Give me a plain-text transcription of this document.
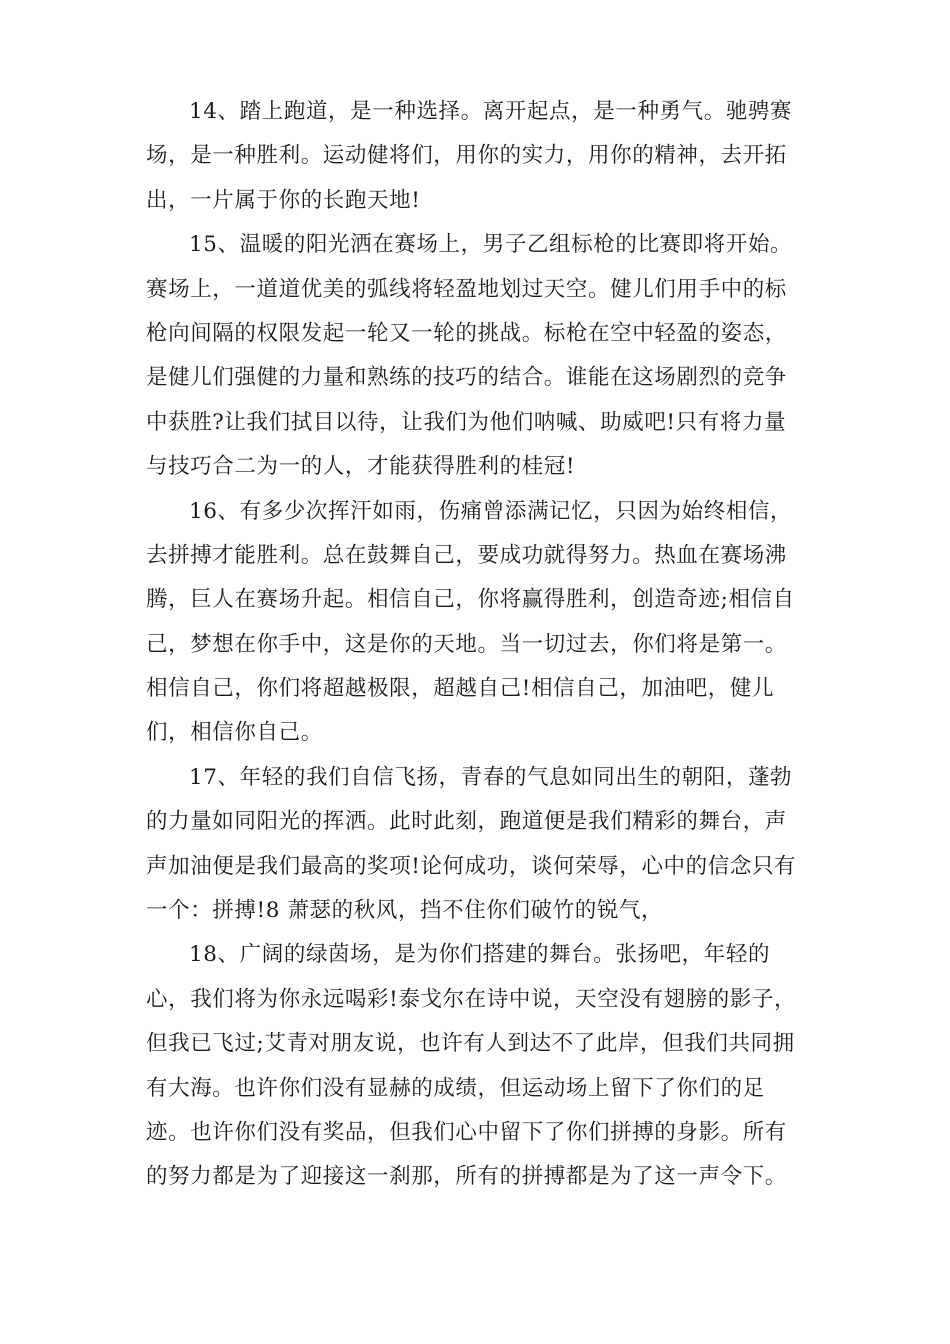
14、踏上跑道，是一种选择。离开起点，是一种勇气。驰骋赛
场，是一种胜利。运动健将们，用你的实力，用你的精神，去开拓
出，一片属于你的长跑天地!
15、温暖的阳光洒在赛场上，男子乙组标枪的比赛即将开始。
赛场上，一道道优美的弧线将轻盈地划过天空。健儿们用手中的标
枪向间隔的权限发起一轮又一轮的挑战。标枪在空中轻盈的姿态，
是健儿们强健的力量和熟练的技巧的结合。谁能在这场剧烈的竞争
中获胜?让我们拭目以待，让我们为他们呐喊、助威吧!只有将力量
与技巧合二为一的人，才能获得胜利的桂冠!
16、有多少次挥汗如雨，伤痛曾添满记忆，只因为始终相信，
去拼搏才能胜利。总在鼓舞自己，要成功就得努力。热血在赛场沸
腾，巨人在赛场升起。相信自己，你将赢得胜利，创造奇迹;相信自
己，梦想在你手中，这是你的天地。当一切过去，你们将是第一。
相信自己，你们将超越极限，超越自己!相信自己，加油吧，健儿
们，相信你自己。
17、年轻的我们自信飞扬，青春的气息如同出生的朝阳，蓬勃
的力量如同阳光的挥洒。此时此刻，跑道便是我们精彩的舞台，声
声加油便是我们最高的奖项!论何成功，谈何荣辱，心中的信念只有
一个：拼搏!8 萧瑟的秋风，挡不住你们破竹的锐气，
18、广阔的绿茵场，是为你们搭建的舞台。张扬吧，年轻的
心，我们将为你永远喝彩!泰戈尔在诗中说，天空没有翅膀的影子，
但我已飞过;艾青对朋友说，也许有人到达不了此岸，但我们共同拥
有大海。也许你们没有显赫的成绩，但运动场上留下了你们的足
迹。也许你们没有奖品，但我们心中留下了你们拼搏的身影。所有
的努力都是为了迎接这一刹那，所有的拼搏都是为了这一声令下。
